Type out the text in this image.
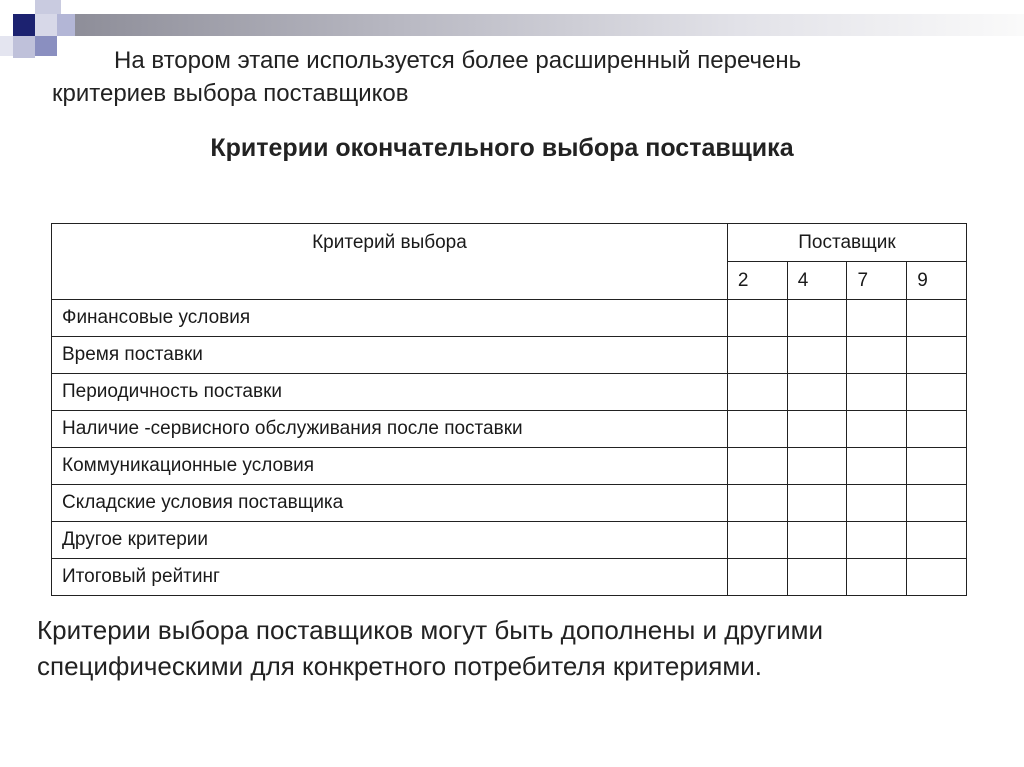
На втором этапе используется более расширенный перечень
критериев выбора поставщиков
Критерии окончательного выбора поставщика
Критерий выбора	Поставщик			
	2	4	7	9
Финансовые условия				
Время поставки				
Периодичность поставки				
Наличие -сервисного обслуживания после поставки				
Коммуникационные условия				
Складские условия поставщика				
Другое критерии				
Итоговый рейтинг				
Критерии выбора поставщиков могут быть дополнены и другими
специфическими для конкретного потребителя критериями.
